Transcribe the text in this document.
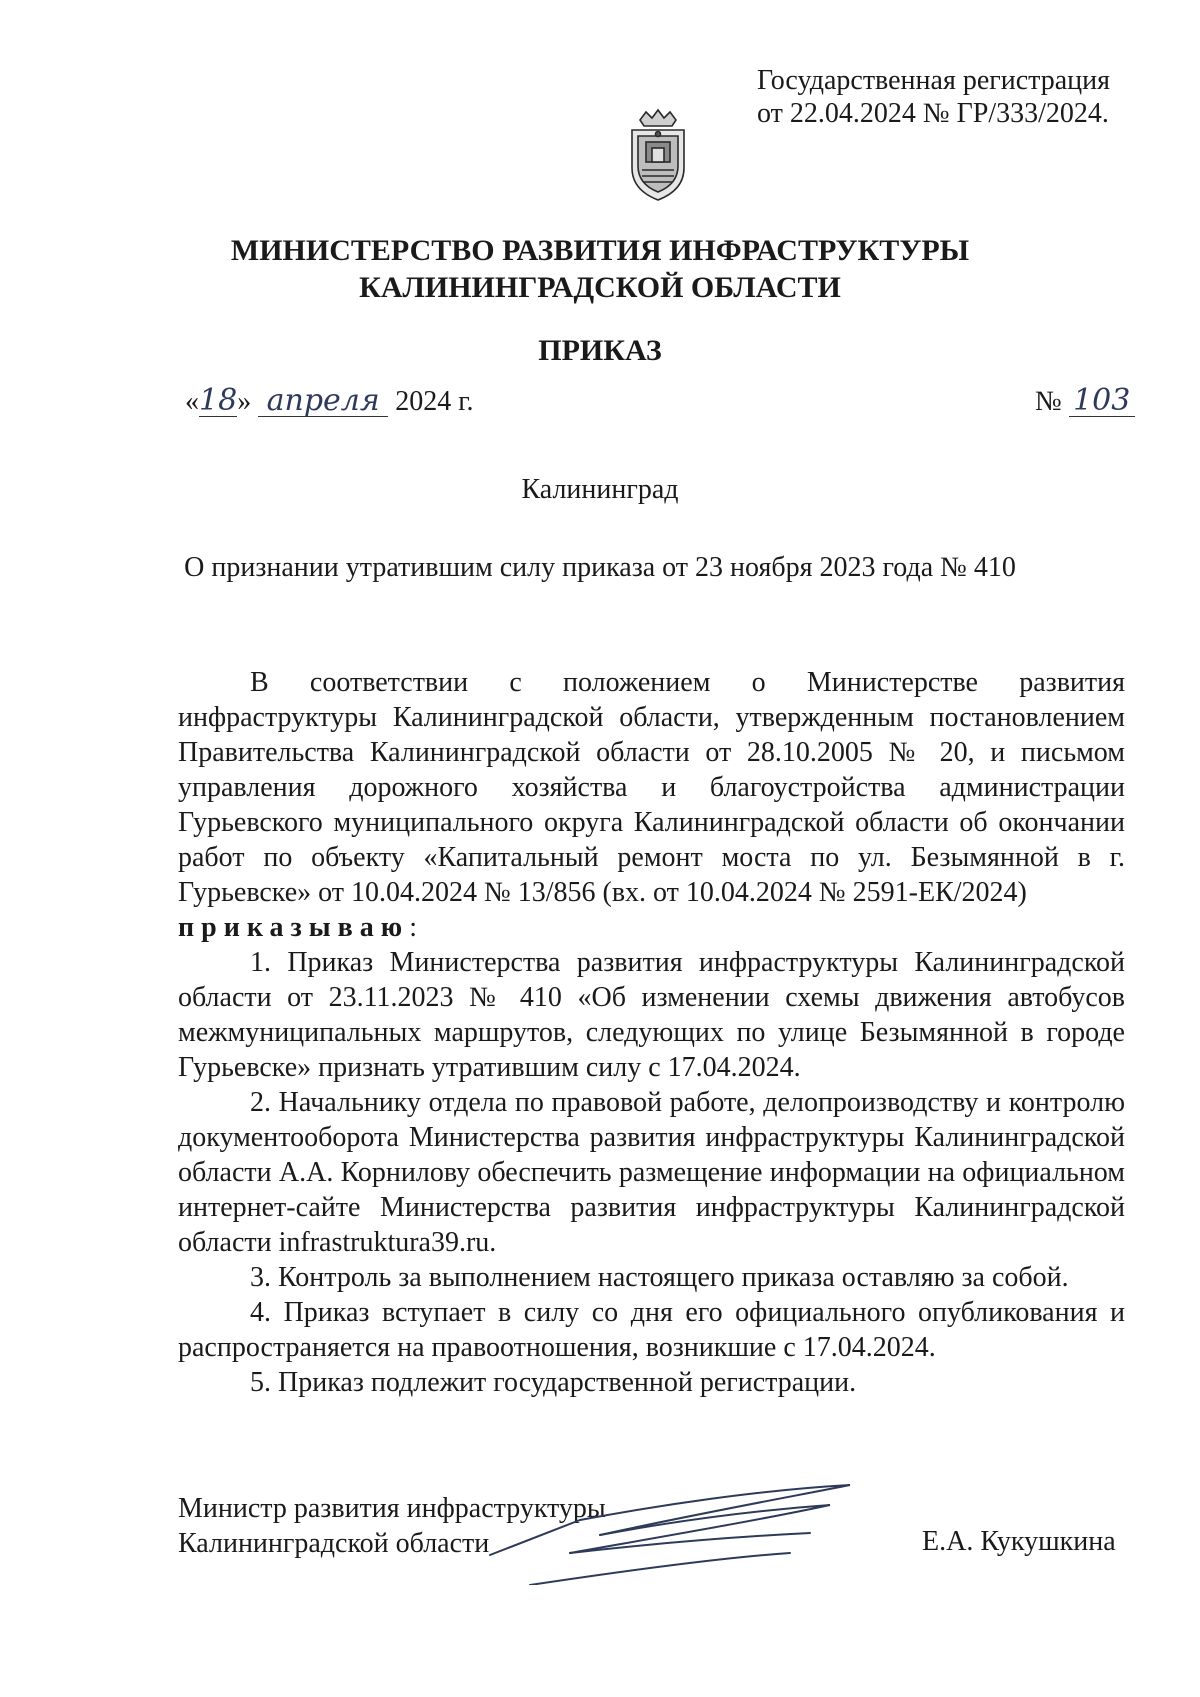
Государственная регистрация
от 22.04.2024 № ГР/333/2024.
МИНИСТЕРСТВО РАЗВИТИЯ ИНФРАСТРУКТУРЫ
КАЛИНИНГРАДСКОЙ ОБЛАСТИ
ПРИКАЗ
«18» апреля 2024 г.	№ 103
Калининград
О признании утратившим силу приказа от 23 ноября 2023 года № 410

В соответствии с положением о Министерстве развития инфраструктуры Калининградской области, утвержденным постановлением Правительства Калининградской области от 28.10.2005 № 20, и письмом управления дорожного хозяйства и благоустройства администрации Гурьевского муниципального округа Калининградской области об окончании работ по объекту «Капитальный ремонт моста по ул. Безымянной в г. Гурьевске» от 10.04.2024 № 13/856 (вх. от 10.04.2024 № 2591-ЕК/2024)

приказываю:

1. Приказ Министерства развития инфраструктуры Калининградской области от 23.11.2023 № 410 «Об изменении схемы движения автобусов межмуниципальных маршрутов, следующих по улице Безымянной в городе Гурьевске» признать утратившим силу с 17.04.2024.

2. Начальнику отдела по правовой работе, делопроизводству и контролю документооборота Министерства развития инфраструктуры Калининградской области А.А. Корнилову обеспечить размещение информации на официальном интернет-сайте Министерства развития инфраструктуры Калининградской области infrastruktura39.ru.

3. Контроль за выполнением настоящего приказа оставляю за собой.

4. Приказ вступает в силу со дня его официального опубликования и распространяется на правоотношения, возникшие с 17.04.2024.

5. Приказ подлежит государственной регистрации.

Министр развития инфраструктуры
Калининградской области	Е.А. Кукушкина
